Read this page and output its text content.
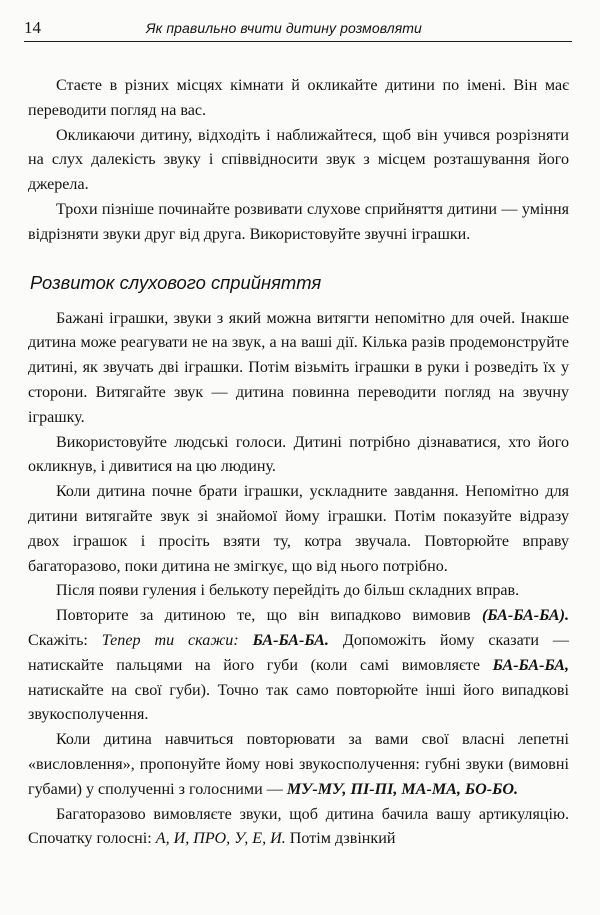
14	Як правильно вчити дитину розмовляти

Стаєте в різних місцях кімнати й окликайте дитини по імені. Він має переводити погляд на вас.

Окликаючи дитину, відходіть і наближайтеся, щоб він учився розрізняти на слух далекість звуку і співвідносити звук з місцем розташування його джерела.

Трохи пізніше починайте розвивати слухове сприйняття дитини — уміння відрізняти звуки друг від друга. Використовуйте звучні іграшки.

Розвиток слухового сприйняття

Бажані іграшки, звуки з який можна витягти непомітно для очей. Інакше дитина може реагувати не на звук, а на ваші дії. Кілька разів продемонструйте дитині, як звучать дві іграшки. Потім візьміть іграшки в руки і розведіть їх у сторони. Витягайте звук — дитина повинна переводити погляд на звучну іграшку.

Використовуйте людські голоси. Дитині потрібно дізнаватися, хто його окликнув, і дивитися на цю людину.

Коли дитина почне брати іграшки, ускладните завдання. Непомітно для дитини витягайте звук зі знайомої йому іграшки. Потім показуйте відразу двох іграшок і просіть взяти ту, котра звучала. Повторюйте вправу багаторазово, поки дитина не змігкує, що від нього потрібно.

Після появи гуления і белькоту перейдіть до більш складних вправ.

Повторите за дитиною те, що він випадково вимовив (БА-БА-БА). Скажіть: Тепер ти скажи: БА-БА-БА. Допоможіть йому сказати — натискайте пальцями на його губи (коли самі вимовляєте БА-БА-БА, натискайте на свої губи). Точно так само повторюйте інші його випадкові звукосполучення.

Коли дитина навчиться повторювати за вами свої власні лепетні «висловлення», пропонуйте йому нові звукосполучення: губні звуки (вимовні губами) у сполученні з голосними — МУ-МУ, ПІ-ПІ, МА-МА, БО-БО.

Багаторазово вимовляєте звуки, щоб дитина бачила вашу артикуляцію. Спочатку голосні: А, И, ПРО, У, Е, И. Потім дзвінкий
